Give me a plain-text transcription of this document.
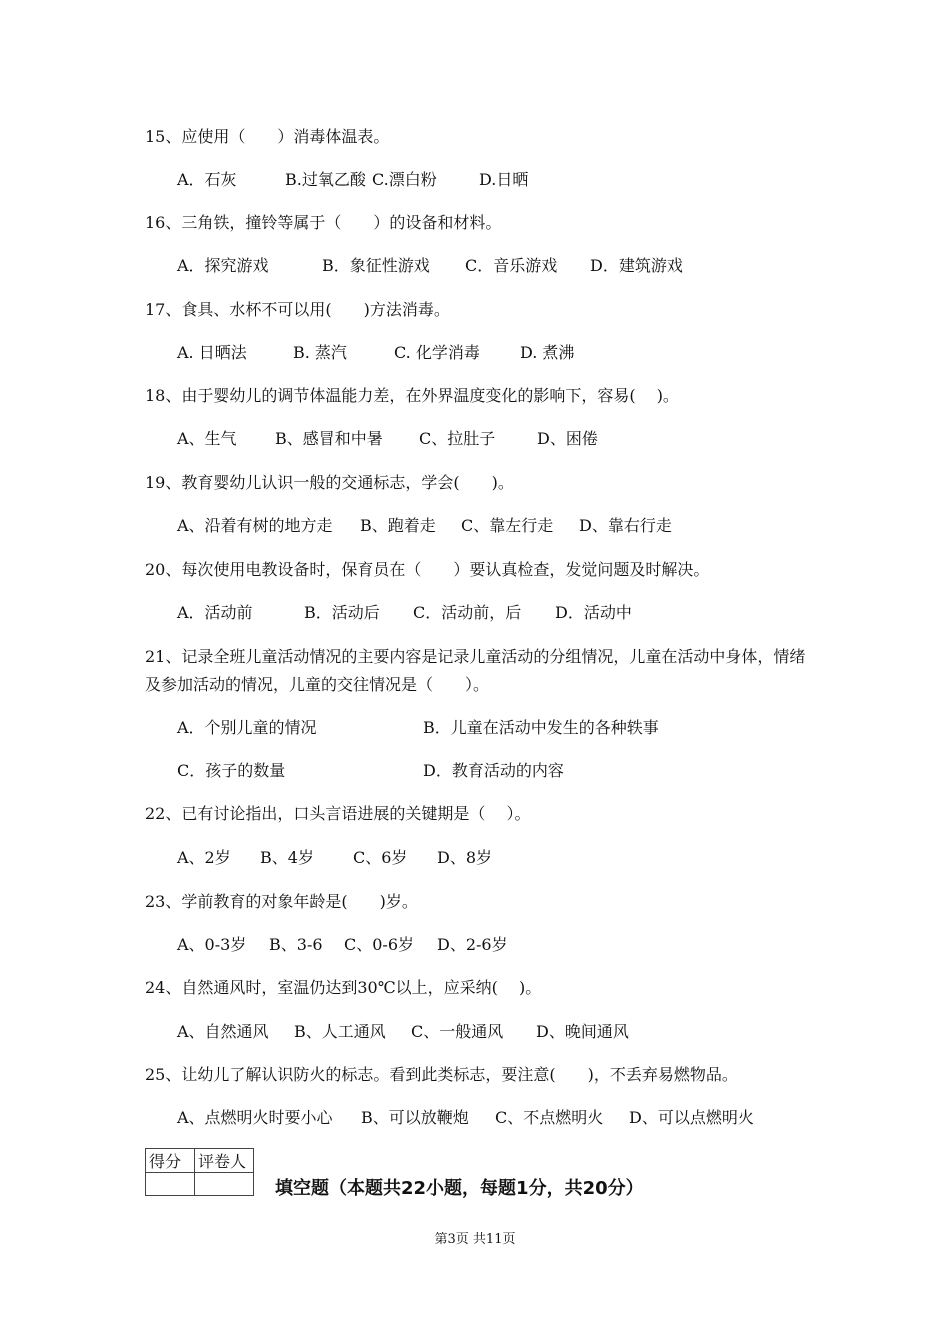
15、应使用（　　）消毒体温表。
A．石灰	B.过氧乙酸 C.漂白粉	D.日晒
16、三角铁，撞铃等属于（　　）的设备和材料。
A．探究游戏	B．象征性游戏 C．音乐游戏 D．建筑游戏
17、食具、水杯不可以用(　　)方法消毒。
A. 日晒法	B. 蒸汽	C. 化学消毒	D. 煮沸
18、由于婴幼儿的调节体温能力差，在外界温度变化的影响下，容易(　 )。
A、生气 B、感冒和中暑 C、拉肚子	D、困倦
19、教育婴幼儿认识一般的交通标志，学会(　　)。
A、沿着有树的地方走 B、跑着走 C、靠左行走 D、靠右行走
20、每次使用电教设备时，保育员在（　　）要认真检查，发觉问题及时解决。
A．活动前	B．活动后 C．活动前，后 D．活动中
21、记录全班儿童活动情况的主要内容是记录儿童活动的分组情况，儿童在活动中身体，情绪及参加活动的情况，儿童的交往情况是（　　）。
A．个别儿童的情况	B．儿童在活动中发生的各种轶事
C．孩子的数量	D．教育活动的内容
22、已有讨论指出，口头言语进展的关键期是（　 ）。
A、2岁 B、4岁 C、6岁 D、8岁
23、学前教育的对象年龄是(　　)岁。
A、0-3岁 B、3-6 C、0-6岁 D、2-6岁
24、自然通风时，室温仍达到30℃以上，应采纳(　 )。
A、自然通风 B、人工通风 C、一般通风 D、晚间通风
25、让幼儿了解认识防火的标志。看到此类标志，要注意(　　)，不丢弃易燃物品。
A、点燃明火时要小心 B、可以放鞭炮 C、不点燃明火 D、可以点燃明火
得分	评卷人

填空题（本题共22小题，每题1分，共20分）
第3页 共11页
